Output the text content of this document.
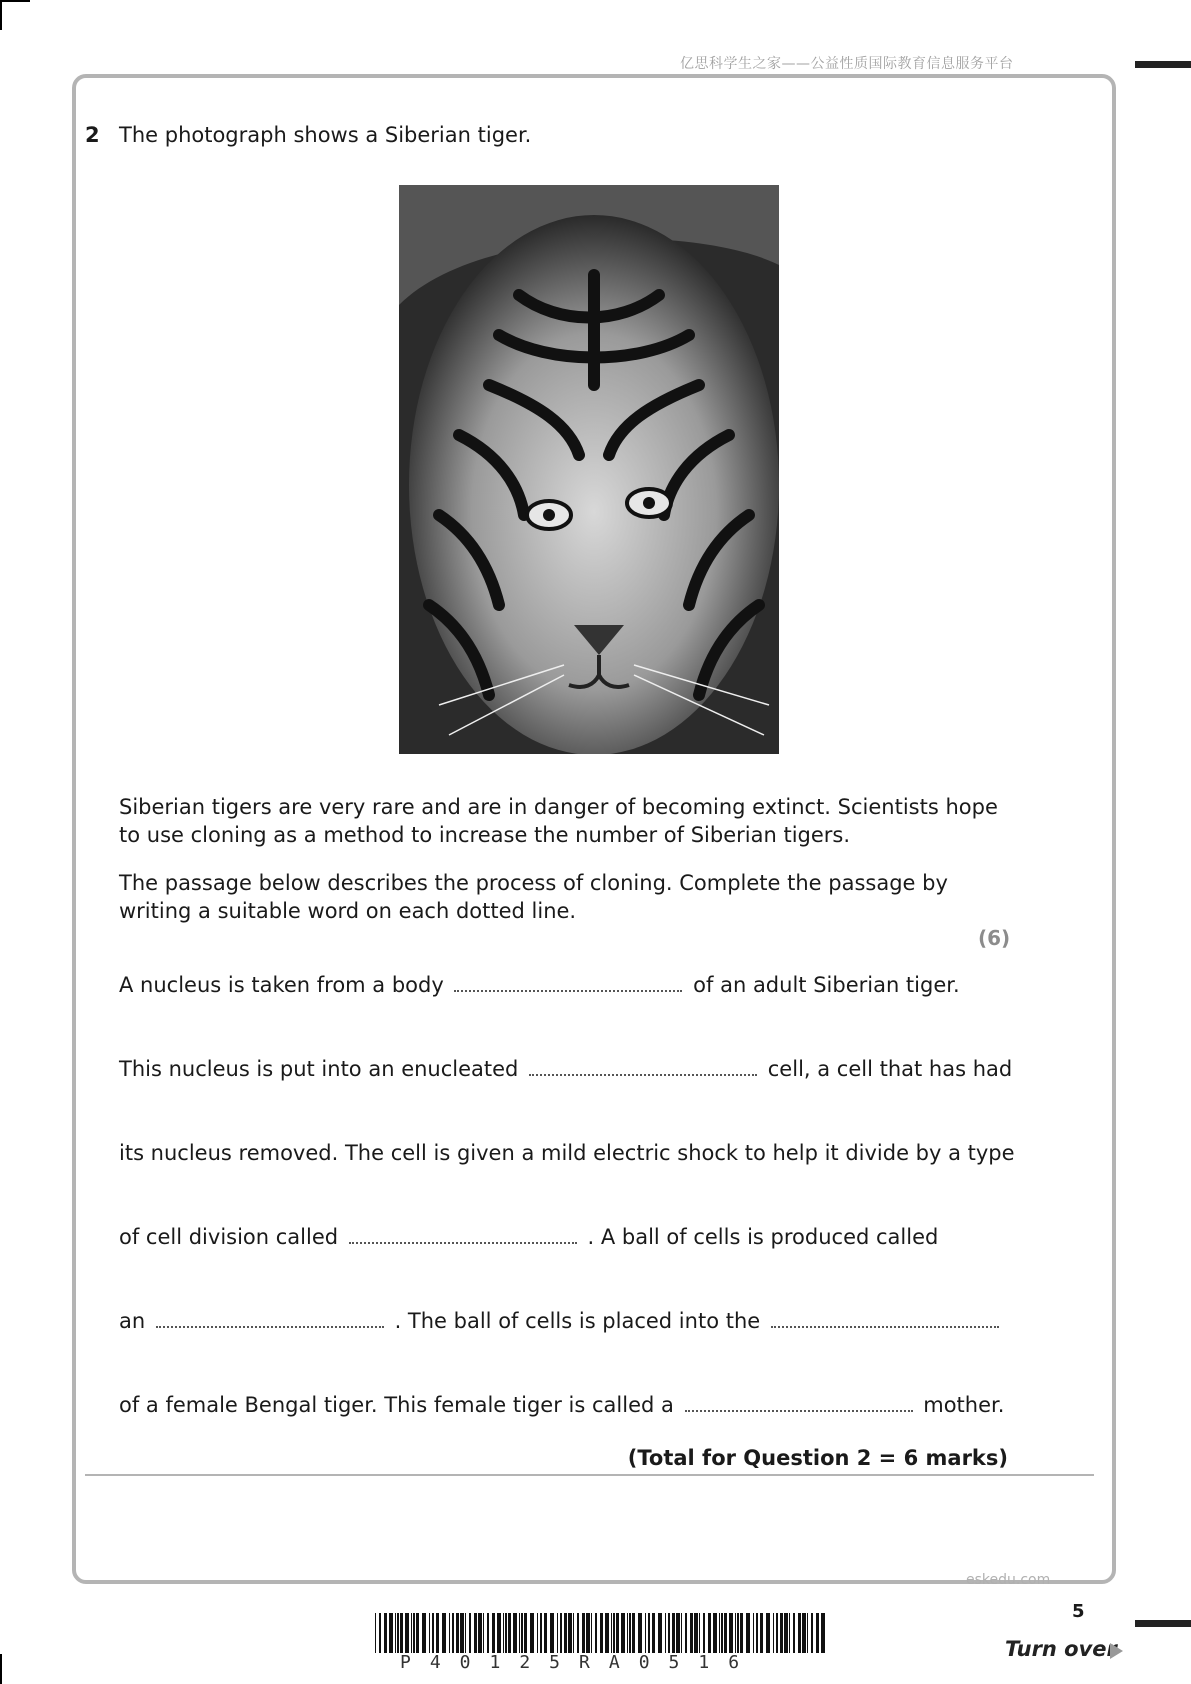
亿思科学生之家——公益性质国际教育信息服务平台
2 The photograph shows a Siberian tiger.

Siberian tigers are very rare and are in danger of becoming extinct. Scientists hope to use cloning as a method to increase the number of Siberian tigers.

The passage below describes the process of cloning. Complete the passage by writing a suitable word on each dotted line.

(6)
A nucleus is taken from a body	of an adult Siberian tiger.
This nucleus is put into an enucleated	cell, a cell that has had
its nucleus removed. The cell is given a mild electric shock to help it divide by a type
of cell division called	. A ball of cells is produced called
an	. The ball of cells is placed into the
of a female Bengal tiger. This female tiger is called a	mother.
(Total for Question 2 = 6 marks)
eskedu.com
5
Turn over
P40125RA0516
